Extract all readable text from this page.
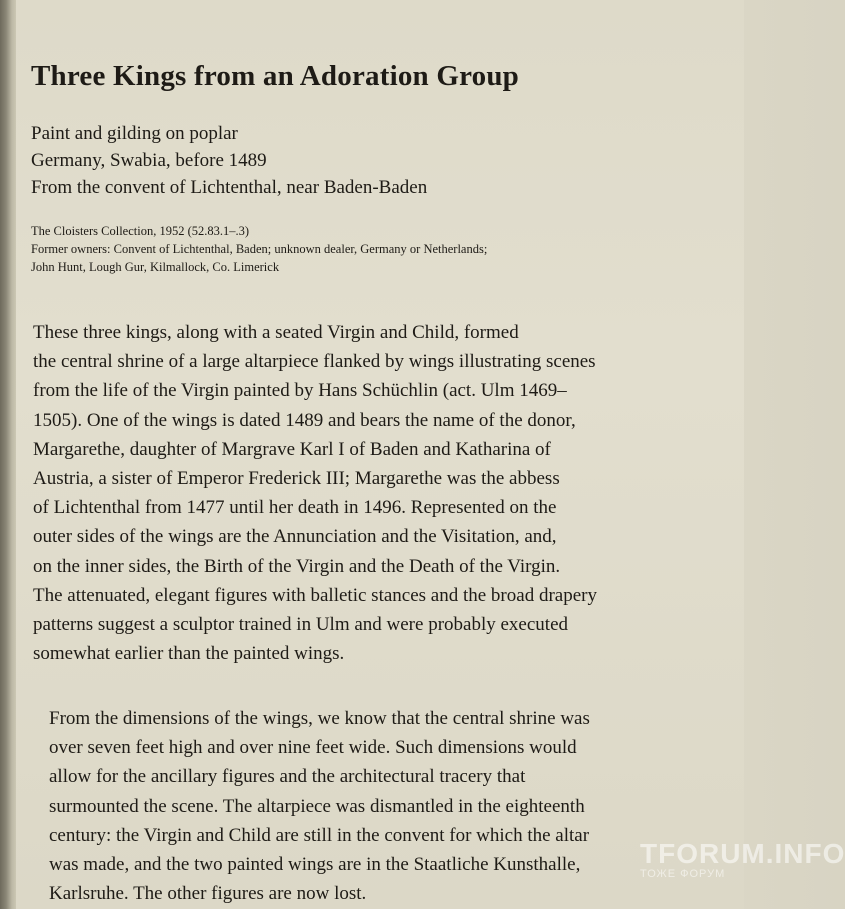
Three Kings from an Adoration Group
Paint and gilding on poplar
Germany, Swabia, before 1489
From the convent of Lichtenthal, near Baden-Baden
The Cloisters Collection, 1952 (52.83.1–.3)
Former owners: Convent of Lichtenthal, Baden; unknown dealer, Germany or Netherlands;
John Hunt, Lough Gur, Kilmallock, Co. Limerick
These three kings, along with a seated Virgin and Child, formed
the central shrine of a large altarpiece flanked by wings illustrating scenes
from the life of the Virgin painted by Hans Schüchlin (act. Ulm 1469–
1505). One of the wings is dated 1489 and bears the name of the donor,
Margarethe, daughter of Margrave Karl I of Baden and Katharina of
Austria, a sister of Emperor Frederick III; Margarethe was the abbess
of Lichtenthal from 1477 until her death in 1496. Represented on the
outer sides of the wings are the Annunciation and the Visitation, and,
on the inner sides, the Birth of the Virgin and the Death of the Virgin.
The attenuated, elegant figures with balletic stances and the broad drapery
patterns suggest a sculptor trained in Ulm and were probably executed
somewhat earlier than the painted wings.
From the dimensions of the wings, we know that the central shrine was
over seven feet high and over nine feet wide. Such dimensions would
allow for the ancillary figures and the architectural tracery that
surmounted the scene. The altarpiece was dismantled in the eighteenth
century: the Virgin and Child are still in the convent for which the altar
was made, and the two painted wings are in the Staatliche Kunsthalle,
Karlsruhe. The other figures are now lost.
TFORUM.INFO
ТОЖЕ ФОРУМ
